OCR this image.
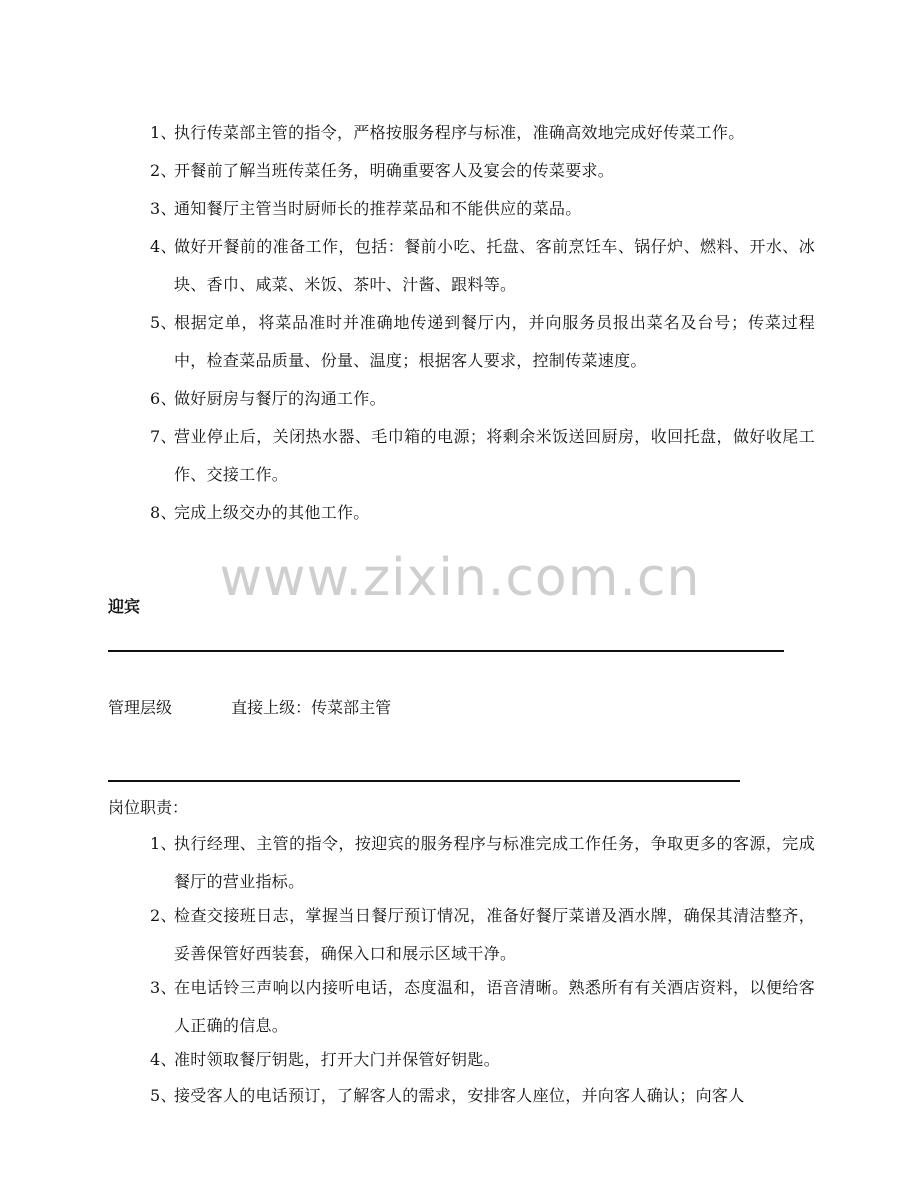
1、
执行传菜部主管的指令，严格按服务程序与标准，准确高效地完成好传菜工作。
2、
开餐前了解当班传菜任务，明确重要客人及宴会的传菜要求。
3、
通知餐厅主管当时厨师长的推荐菜品和不能供应的菜品。
4、
做好开餐前的准备工作，包括：餐前小吃、托盘、客前烹饪车、锅仔炉、燃料、开水、冰块、香巾、咸菜、米饭、茶叶、汁酱、跟料等。
5、
根据定单，将菜品准时并准确地传递到餐厅内，并向服务员报出菜名及台号；传菜过程中，检查菜品质量、份量、温度；根据客人要求，控制传菜速度。
6、
做好厨房与餐厅的沟通工作。
7、
营业停止后，关闭热水器、毛巾箱的电源；将剩余米饭送回厨房，收回托盘，做好收尾工作、交接工作。
8、
完成上级交办的其他工作。
www.zixin.com.cn
迎宾
管理层级	直接上级：传菜部主管
岗位职责：
1、
执行经理、主管的指令，按迎宾的服务程序与标准完成工作任务，争取更多的客源，完成餐厅的营业指标。
2、
检查交接班日志，掌握当日餐厅预订情况，准备好餐厅菜谱及酒水牌，确保其清洁整齐，妥善保管好西装套，确保入口和展示区域干净。
3、
在电话铃三声响以内接听电话，态度温和，语音清晰。熟悉所有有关酒店资料，以便给客人正确的信息。
4、
准时领取餐厅钥匙，打开大门并保管好钥匙。
5、
接受客人的电话预订，了解客人的需求，安排客人座位，并向客人确认；向客人
